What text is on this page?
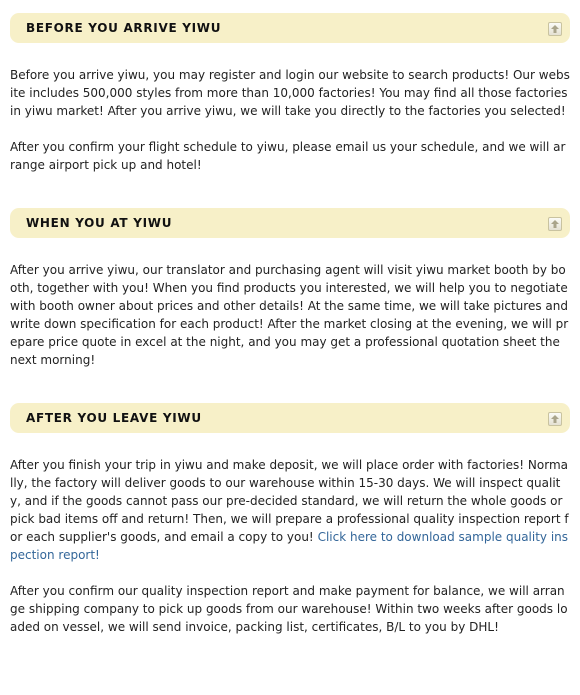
BEFORE YOU ARRIVE YIWU

Before you arrive yiwu, you may register and login our website to search products! Our website includes 500,000 styles from more than 10,000 factories! You may find all those factories in yiwu market! After you arrive yiwu, we will take you directly to the factories you selected!

After you confirm your flight schedule to yiwu, please email us your schedule, and we will arrange airport pick up and hotel!

WHEN YOU AT YIWU

After you arrive yiwu, our translator and purchasing agent will visit yiwu market booth by booth, together with you! When you find products you interested, we will help you to negotiate with booth owner about prices and other details! At the same time, we will take pictures and write down specification for each product! After the market closing at the evening, we will prepare price quote in excel at the night, and you may get a professional quotation sheet the next morning!

AFTER YOU LEAVE YIWU

After you finish your trip in yiwu and make deposit, we will place order with factories! Normally, the factory will deliver goods to our warehouse within 15-30 days. We will inspect quality, and if the goods cannot pass our pre-decided standard, we will return the whole goods or pick bad items off and return! Then, we will prepare a professional quality inspection report for each supplier's goods, and email a copy to you! Click here to download sample quality inspection report!

After you confirm our quality inspection report and make payment for balance, we will arrange shipping company to pick up goods from our warehouse! Within two weeks after goods loaded on vessel, we will send invoice, packing list, certificates, B/L to you by DHL!
